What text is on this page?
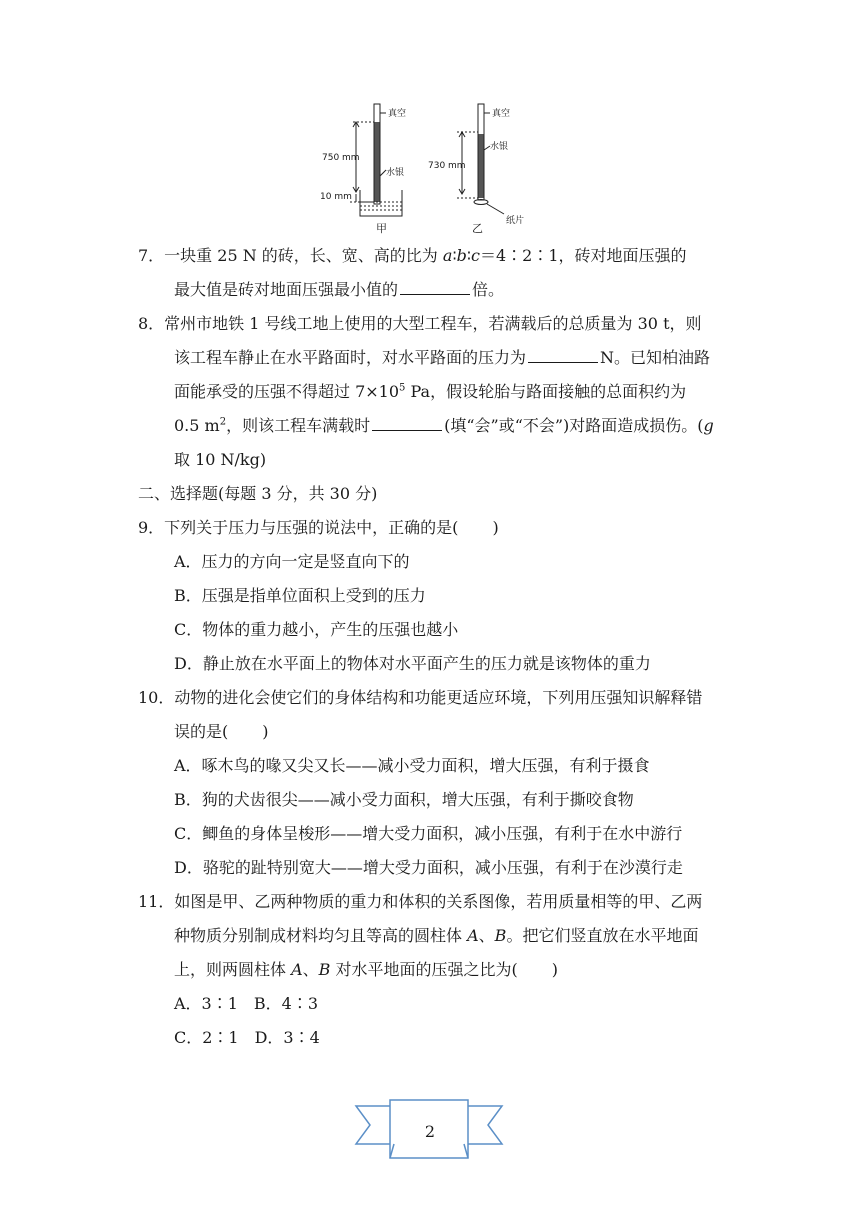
真空
750 mm
水银
10 mm
甲
真空
730 mm
水银
纸片
乙
7．一块重 25 N 的砖，长、宽、高的比为 a∶b∶c＝4∶2∶1，砖对地面压强的
最大值是砖对地面压强最小值的	倍。
8．常州市地铁 1 号线工地上使用的大型工程车，若满载后的总质量为 30 t，则
该工程车静止在水平路面时，对水平路面的压力为	N。已知柏油路
面能承受的压强不得超过 $7\times 10^5$ Pa，假设轮胎与路面接触的总面积约为
0.5 $m^2$，则该工程车满载时	(填“会”或“不会”)对路面造成损伤。(g
取 10 N/kg)
二、选择题(每题 3 分，共 30 分)
9．下列关于压力与压强的说法中，正确的是( )
A．压力的方向一定是竖直向下的
B．压强是指单位面积上受到的压力
C．物体的重力越小，产生的压强也越小
D．静止放在水平面上的物体对水平面产生的压力就是该物体的重力
10．动物的进化会使它们的身体结构和功能更适应环境，下列用压强知识解释错
误的是( )
A．啄木鸟的喙又尖又长——减小受力面积，增大压强，有利于摄食
B．狗的犬齿很尖——减小受力面积，增大压强，有利于撕咬食物
C．鲫鱼的身体呈梭形——增大受力面积，减小压强，有利于在水中游行
D．骆驼的趾特别宽大——增大受力面积，减小压强，有利于在沙漠行走
11．如图是甲、乙两种物质的重力和体积的关系图像，若用质量相等的甲、乙两
种物质分别制成材料均匀且等高的圆柱体 A、B。把它们竖直放在水平地面
上，则两圆柱体 A、B 对水平地面的压强之比为( )
A．3∶1　B．4∶3
C．2∶1　D．3∶4
2
